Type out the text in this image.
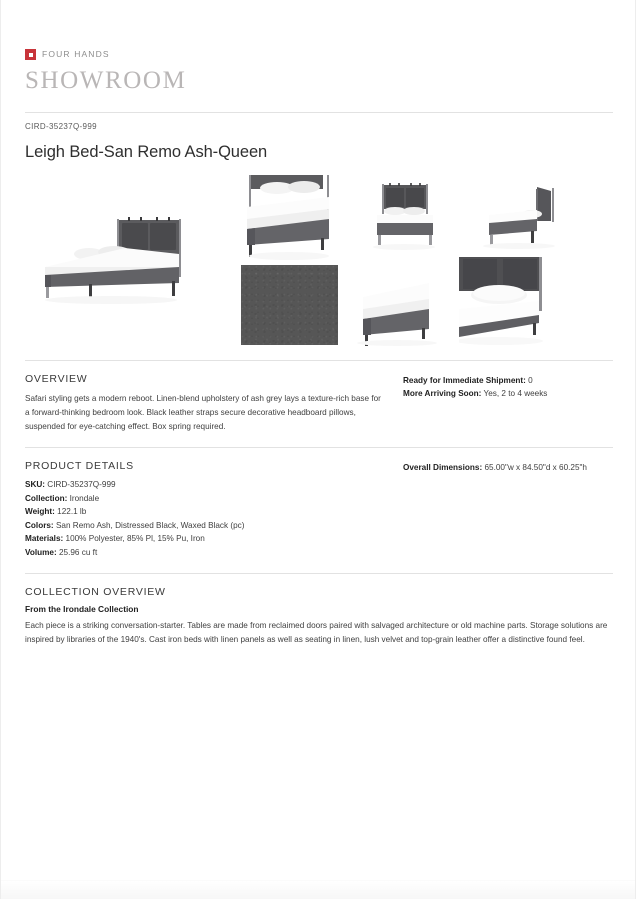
FOUR HANDS
SHOWROOM
CIRD-35237Q-999
Leigh Bed-San Remo Ash-Queen
OVERVIEW
Safari styling gets a modern reboot. Linen-blend upholstery of ash grey lays a texture-rich base for a forward-thinking bedroom look. Black leather straps secure decorative headboard pillows, suspended for eye-catching effect. Box spring required.
Ready for Immediate Shipment: 0
More Arriving Soon: Yes, 2 to 4 weeks
PRODUCT DETAILS
SKU: CIRD-35237Q-999
Collection: Irondale
Weight: 122.1 lb
Colors: San Remo Ash, Distressed Black, Waxed Black (pc)
Materials: 100% Polyester, 85% Pl, 15% Pu, Iron
Volume: 25.96 cu ft
Overall Dimensions: 65.00"w x 84.50"d x 60.25"h
COLLECTION OVERVIEW
From the Irondale Collection
Each piece is a striking conversation-starter. Tables are made from reclaimed doors paired with salvaged architecture or old machine parts. Storage solutions are inspired by libraries of the 1940's. Cast iron beds with linen panels as well as seating in linen, lush velvet and top-grain leather offer a distinctive found feel.
